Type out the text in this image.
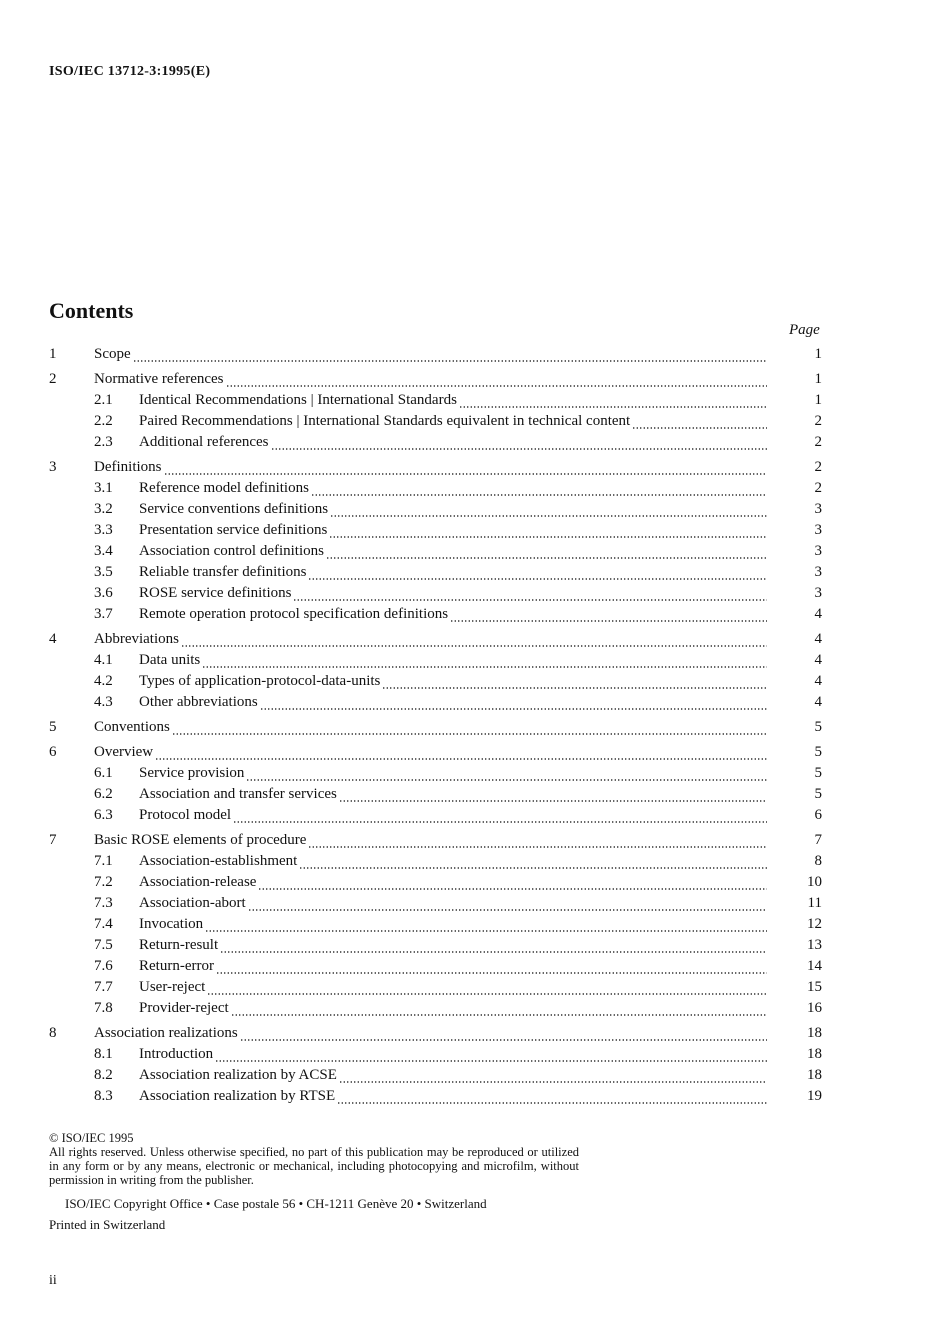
ISO/IEC 13712-3:1995(E)
Contents
Page
1	Scope	1
2	Normative references	1
2.1 Identical Recommendations | International Standards	1
2.2 Paired Recommendations | International Standards equivalent in technical content	2
2.3 Additional references	2
3	Definitions	2
3.1 Reference model definitions	2
3.2 Service conventions definitions	3
3.3 Presentation service definitions	3
3.4 Association control definitions	3
3.5 Reliable transfer definitions	3
3.6 ROSE service definitions	3
3.7 Remote operation protocol specification definitions	4
4	Abbreviations	4
4.1 Data units	4
4.2 Types of application-protocol-data-units	4
4.3 Other abbreviations	4
5	Conventions	5
6	Overview	5
6.1 Service provision	5
6.2 Association and transfer services	5
6.3 Protocol model	6
7	Basic ROSE elements of procedure	7
7.1 Association-establishment	8
7.2 Association-release	10
7.3 Association-abort	11
7.4 Invocation	12
7.5 Return-result	13
7.6 Return-error	14
7.7 User-reject	15
7.8 Provider-reject	16
8	Association realizations	18
8.1 Introduction	18
8.2 Association realization by ACSE	18
8.3 Association realization by RTSE	19
© ISO/IEC 1995
All rights reserved. Unless otherwise specified, no part of this publication may be reproduced or utilized in any form or by any means, electronic or mechanical, including photocopying and microfilm, without permission in writing from the publisher.
ISO/IEC Copyright Office • Case postale 56 • CH-1211 Genève 20 • Switzerland
Printed in Switzerland
ii
